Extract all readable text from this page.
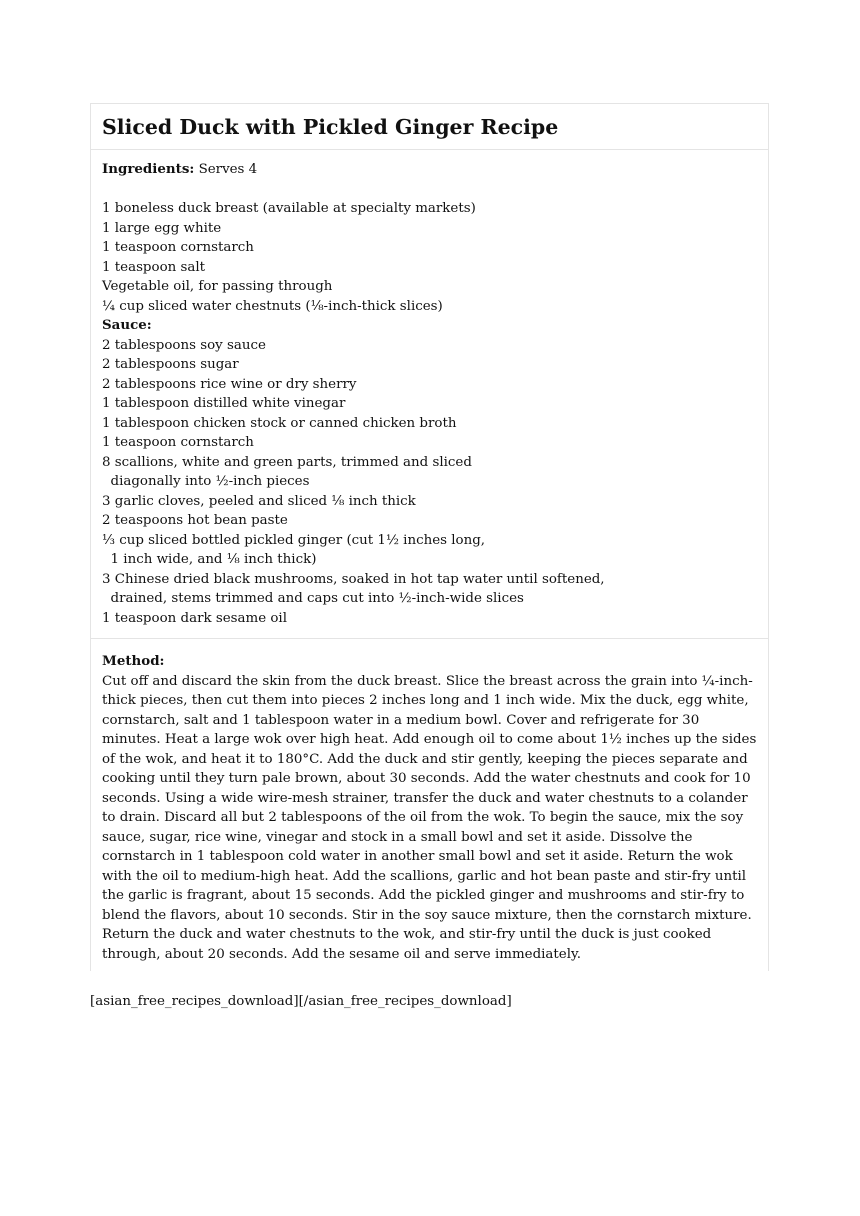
Sliced Duck with Pickled Ginger Recipe
Ingredients: Serves 4
1 boneless duck breast (available at specialty markets)
1 large egg white
1 teaspoon cornstarch
1 teaspoon salt
Vegetable oil, for passing through
¼ cup sliced water chestnuts (⅛-inch-thick slices)
Sauce:
2 tablespoons soy sauce
2 tablespoons sugar
2 tablespoons rice wine or dry sherry
1 tablespoon distilled white vinegar
1 tablespoon chicken stock or canned chicken broth
1 teaspoon cornstarch
8 scallions, white and green parts, trimmed and sliced
diagonally into ½-inch pieces
3 garlic cloves, peeled and sliced ⅛ inch thick
2 teaspoons hot bean paste
⅓ cup sliced bottled pickled ginger (cut 1½ inches long,
1 inch wide, and ⅛ inch thick)
3 Chinese dried black mushrooms, soaked in hot tap water until softened,
drained, stems trimmed and caps cut into ½-inch-wide slices
1 teaspoon dark sesame oil
Method:

Cut off and discard the skin from the duck breast. Slice the breast across the grain into ¼-inch-thick pieces, then cut them into pieces 2 inches long and 1 inch wide. Mix the duck, egg white, cornstarch, salt and 1 tablespoon water in a medium bowl. Cover and refrigerate for 30 minutes. Heat a large wok over high heat. Add enough oil to come about 1½ inches up the sides of the wok, and heat it to 180°C. Add the duck and stir gently, keeping the pieces separate and cooking until they turn pale brown, about 30 seconds. Add the water chestnuts and cook for 10 seconds. Using a wide wire-mesh strainer, transfer the duck and water chestnuts to a colander to drain. Discard all but 2 tablespoons of the oil from the wok. To begin the sauce, mix the soy sauce, sugar, rice wine, vinegar and stock in a small bowl and set it aside. Dissolve the cornstarch in 1 tablespoon cold water in another small bowl and set it aside. Return the wok with the oil to medium-high heat. Add the scallions, garlic and hot bean paste and stir-fry until the garlic is fragrant, about 15 seconds. Add the pickled ginger and mushrooms and stir-fry to blend the flavors, about 10 seconds. Stir in the soy sauce mixture, then the cornstarch mixture. Return the duck and water chestnuts to the wok, and stir-fry until the duck is just cooked through, about 20 seconds. Add the sesame oil and serve immediately.

[asian_free_recipes_download][/asian_free_recipes_download]
